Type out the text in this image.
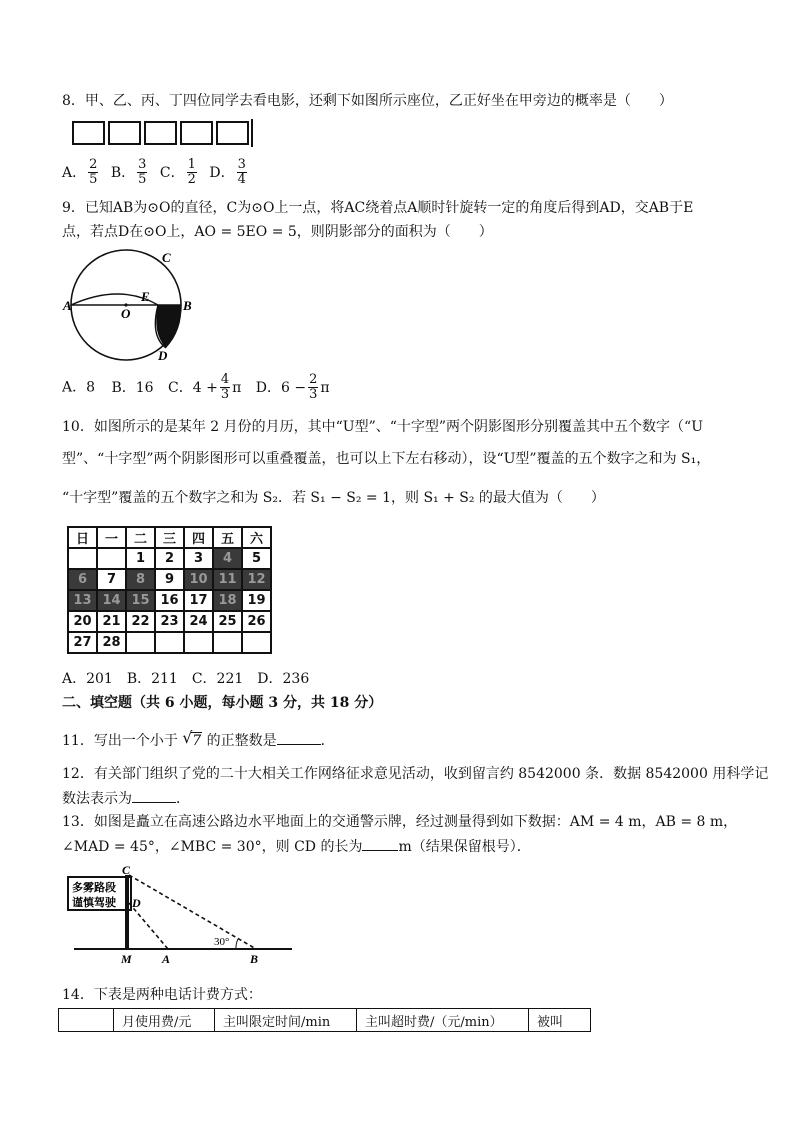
8．甲、乙、丙、丁四位同学去看电影，还剩下如图所示座位，乙正好坐在甲旁边的概率是（　　）
A． $\frac{2}{5}$ B． $\frac{3}{5}$ C． $\frac{1}{2}$ D． $\frac{3}{4}$
9．已知AB为⊙O的直径，C为⊙O上一点，将AC绕着点A顺时针旋转一定的角度后得到AD，交AB于E
点，若点D在⊙O上，AO = 5EO = 5，则阴影部分的面积为（　　）
A	B
C
D
E
O
A．8 B．16 C．$4 + \frac{4}{3}$ π D．$6 - \frac{2}{3}$ π
10．如图所示的是某年 2 月份的月历，其中“U型”、“十字型”两个阴影图形分别覆盖其中五个数字（“U
型”、“十字型”两个阴影图形可以重叠覆盖，也可以上下左右移动），设“U型”覆盖的五个数字之和为 S₁，
“十字型”覆盖的五个数字之和为 S₂．若 S₁ − S₂ = 1，则 S₁ + S₂ 的最大值为（　　）
日	一	二	三	四	五	六
		1	2	3	4	5
6	7	8	9	10	11	12
13	14	15	16	17	18	19
20	21	22	23	24	25	26
27	28					
A．201　B．211　C．221　D．236
二、填空题（共 6 小题，每小题 3 分，共 18 分）
11．写出一个小于 √ 7 的正整数是	．
12．有关部门组织了党的二十大相关工作网络征求意见活动，收到留言约 8542000 条．数据 8542000 用科学记
数法表示为	．
13．如图是矗立在高速公路边水平地面上的交通警示牌，经过测量得到如下数据：AM = 4 m，AB = 8 m，
∠MAD = 45°，∠MBC = 30°，则 CD 的长为	m（结果保留根号）．
多雾路段
谨慎驾驶
30°
C
D
M	A	B
14．下表是两种电话计费方式：
	月使用费/元	主叫限定时间/min	主叫超时费/（元/min）	被叫
